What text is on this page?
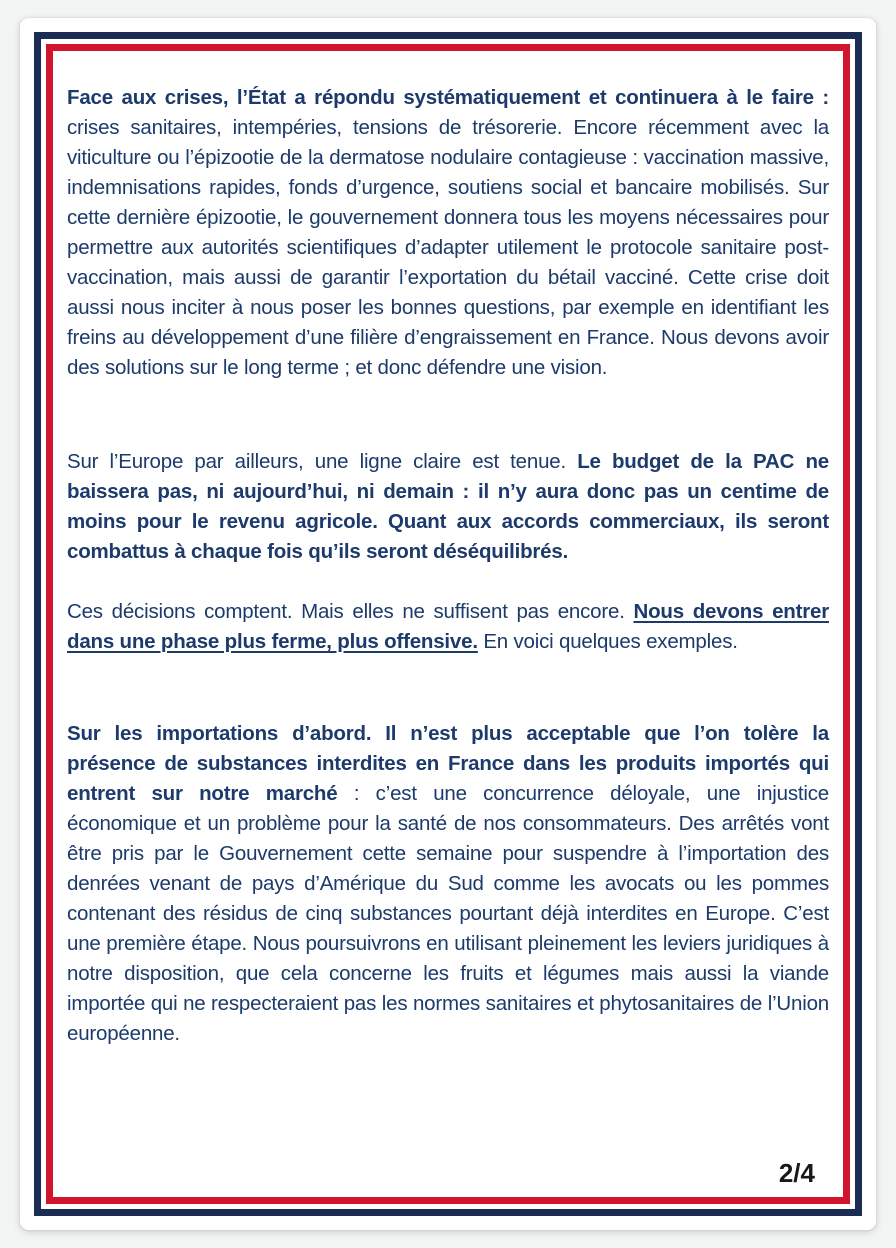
Face aux crises, l’État a répondu systématiquement et continuera à le faire : crises sanitaires, intempéries, tensions de trésorerie. Encore récemment avec la viticulture ou l’épizootie de la dermatose nodulaire contagieuse : vaccination massive, indemnisations rapides, fonds d’urgence, soutiens social et bancaire mobilisés. Sur cette dernière épizootie, le gouvernement donnera tous les moyens nécessaires pour permettre aux autorités scientifiques d’adapter utilement le protocole sanitaire post-vaccination, mais aussi de garantir l’exportation du bétail vacciné. Cette crise doit aussi nous inciter à nous poser les bonnes questions, par exemple en identifiant les freins au développement d’une filière d’engraissement en France. Nous devons avoir des solutions sur le long terme ; et donc défendre une vision.

Sur l’Europe par ailleurs, une ligne claire est tenue. Le budget de la PAC ne baissera pas, ni aujourd’hui, ni demain : il n’y aura donc pas un centime de moins pour le revenu agricole. Quant aux accords commerciaux, ils seront combattus à chaque fois qu’ils seront déséquilibrés.

Ces décisions comptent. Mais elles ne suffisent pas encore. Nous devons entrer dans une phase plus ferme, plus offensive. En voici quelques exemples.

Sur les importations d’abord. Il n’est plus acceptable que l’on tolère la présence de substances interdites en France dans les produits importés qui entrent sur notre marché : c’est une concurrence déloyale, une injustice économique et un problème pour la santé de nos consommateurs. Des arrêtés vont être pris par le Gouvernement cette semaine pour suspendre à l’importation des denrées venant de pays d’Amérique du Sud comme les avocats ou les pommes contenant des résidus de cinq substances pourtant déjà interdites en Europe. C’est une première étape. Nous poursuivrons en utilisant pleinement les leviers juridiques à notre disposition, que cela concerne les fruits et légumes mais aussi la viande importée qui ne respecteraient pas les normes sanitaires et phytosanitaires de l’Union européenne.

2/4
